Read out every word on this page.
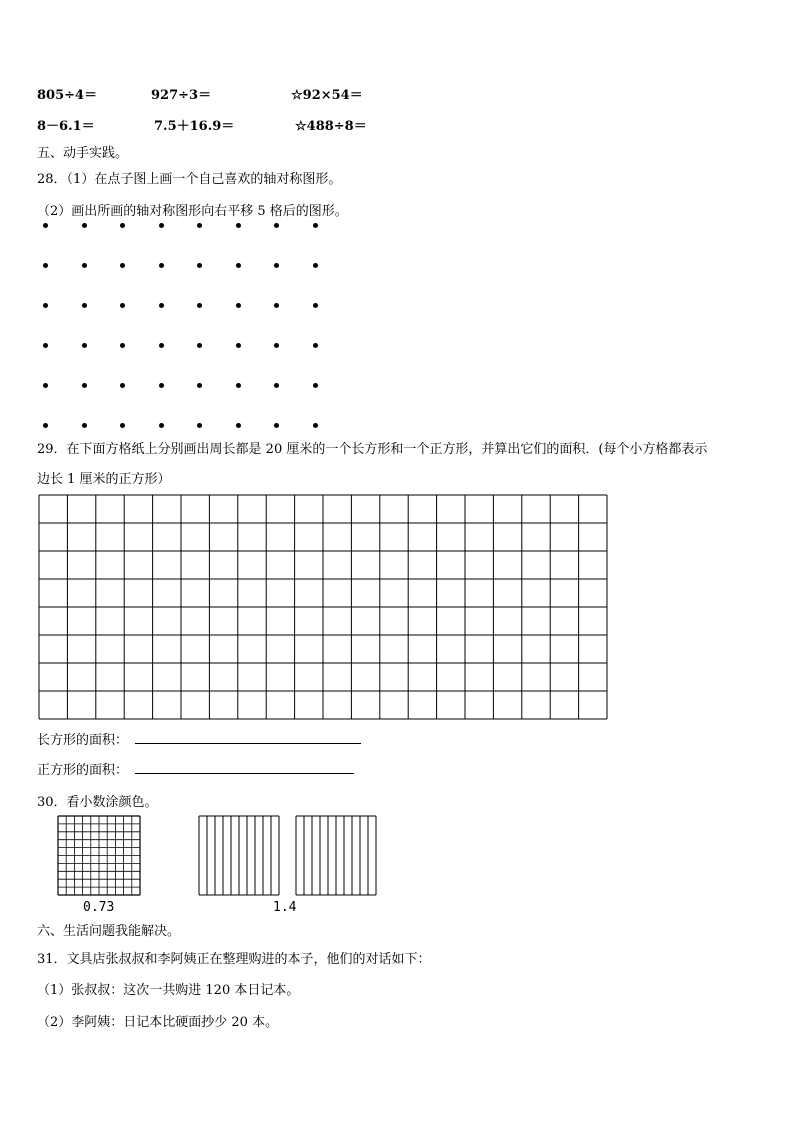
805÷4＝	927÷3＝	☆92×54＝
8－6.1＝	7.5＋16.9＝	☆488÷8＝
五、动手实践。
28．（1）在点子图上画一个自己喜欢的轴对称图形。
（2）画出所画的轴对称图形向右平移 5 格后的图形。
29．在下面方格纸上分别画出周长都是 20 厘米的一个长方形和一个正方形，并算出它们的面积．(每个小方格都表示
边长 1 厘米的正方形）
长方形的面积：
正方形的面积：
30．看小数涂颜色。
0.73	1.4
六、生活问题我能解决。
31．文具店张叔叔和李阿姨正在整理购进的本子，他们的对话如下：
（1）张叔叔：这次一共购进 120 本日记本。
（2）李阿姨：日记本比硬面抄少 20 本。
